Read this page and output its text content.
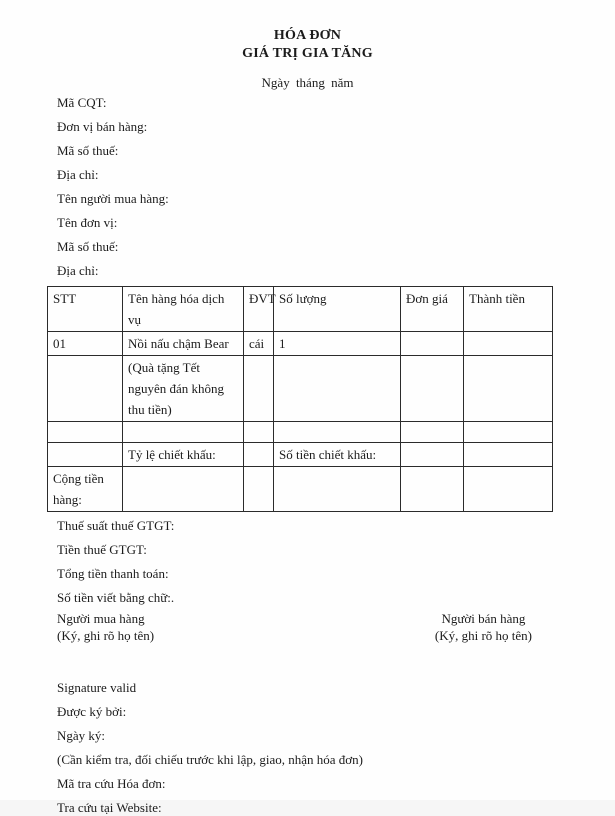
HÓA ĐƠN
GIÁ TRỊ GIA TĂNG
Ngày tháng năm
Mã CQT:
Đơn vị bán hàng:
Mã số thuế:
Địa chỉ:
Tên người mua hàng:
Tên đơn vị:
Mã số thuế:
Địa chỉ:
STT	Tên hàng hóa dịch vụ	ĐVT	Số lượng	Đơn giá	Thành tiền
01	Nồi nấu chậm Bear	cái	1		
	(Quà tặng Tết nguyên đán không thu tiền)				

	Tỷ lệ chiết khấu:		Số tiền chiết khấu:		
Cộng tiền hàng:					
Thuế suất thuế GTGT:
Tiền thuế GTGT:
Tổng tiền thanh toán:
Số tiền viết bằng chữ:.
Người mua hàng
(Ký, ghi rõ họ tên)
Người bán hàng
(Ký, ghi rõ họ tên)
Signature valid
Được ký bởi:
Ngày ký:
(Cần kiểm tra, đối chiếu trước khi lập, giao, nhận hóa đơn)
Mã tra cứu Hóa đơn:
Tra cứu tại Website:
